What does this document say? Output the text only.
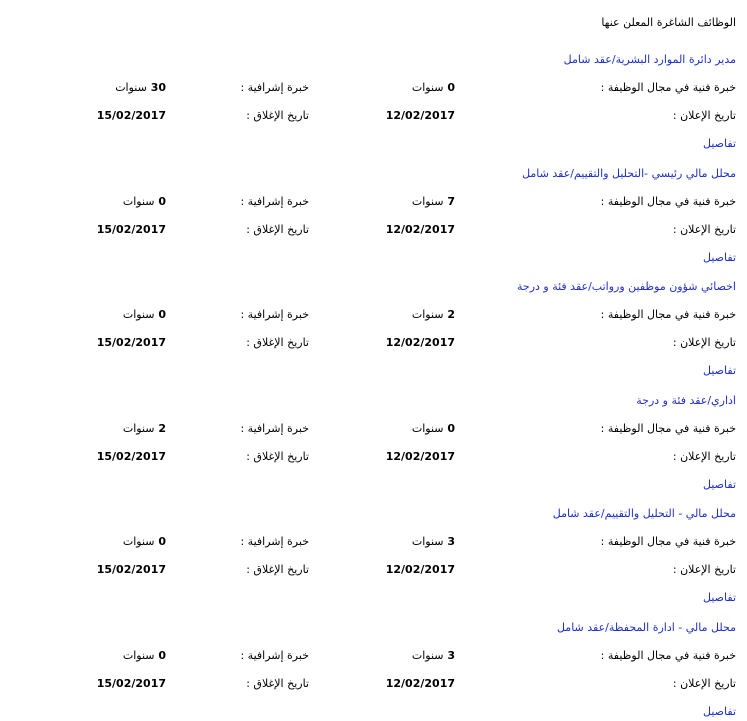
الوظائف الشاغرة المعلن عنها
مدير دائرة الموارد البشرية/عقد شامل
خبرة فنية في مجال الوظيفة :
0 سنوات
خبرة إشرافية :
30 سنوات
تاريخ الإعلان :
12/02/2017
تاريخ الإغلاق :
15/02/2017
تفاصيل
محلل مالي رئيسي -التحليل والتقييم/عقد شامل
خبرة فنية في مجال الوظيفة :
7 سنوات
خبرة إشرافية :
0 سنوات
تاريخ الإعلان :
12/02/2017
تاريخ الإغلاق :
15/02/2017
تفاصيل
اخصائي شؤون موظفين ورواتب/عقد فئة و درجة
خبرة فنية في مجال الوظيفة :
2 سنوات
خبرة إشرافية :
0 سنوات
تاريخ الإعلان :
12/02/2017
تاريخ الإغلاق :
15/02/2017
تفاصيل
اداري/عقد فئة و درجة
خبرة فنية في مجال الوظيفة :
0 سنوات
خبرة إشرافية :
2 سنوات
تاريخ الإعلان :
12/02/2017
تاريخ الإغلاق :
15/02/2017
تفاصيل
محلل مالي - التحليل والتقييم/عقد شامل
خبرة فنية في مجال الوظيفة :
3 سنوات
خبرة إشرافية :
0 سنوات
تاريخ الإعلان :
12/02/2017
تاريخ الإغلاق :
15/02/2017
تفاصيل
محلل مالي - ادارة المحفظة/عقد شامل
خبرة فنية في مجال الوظيفة :
3 سنوات
خبرة إشرافية :
0 سنوات
تاريخ الإعلان :
12/02/2017
تاريخ الإغلاق :
15/02/2017
تفاصيل
